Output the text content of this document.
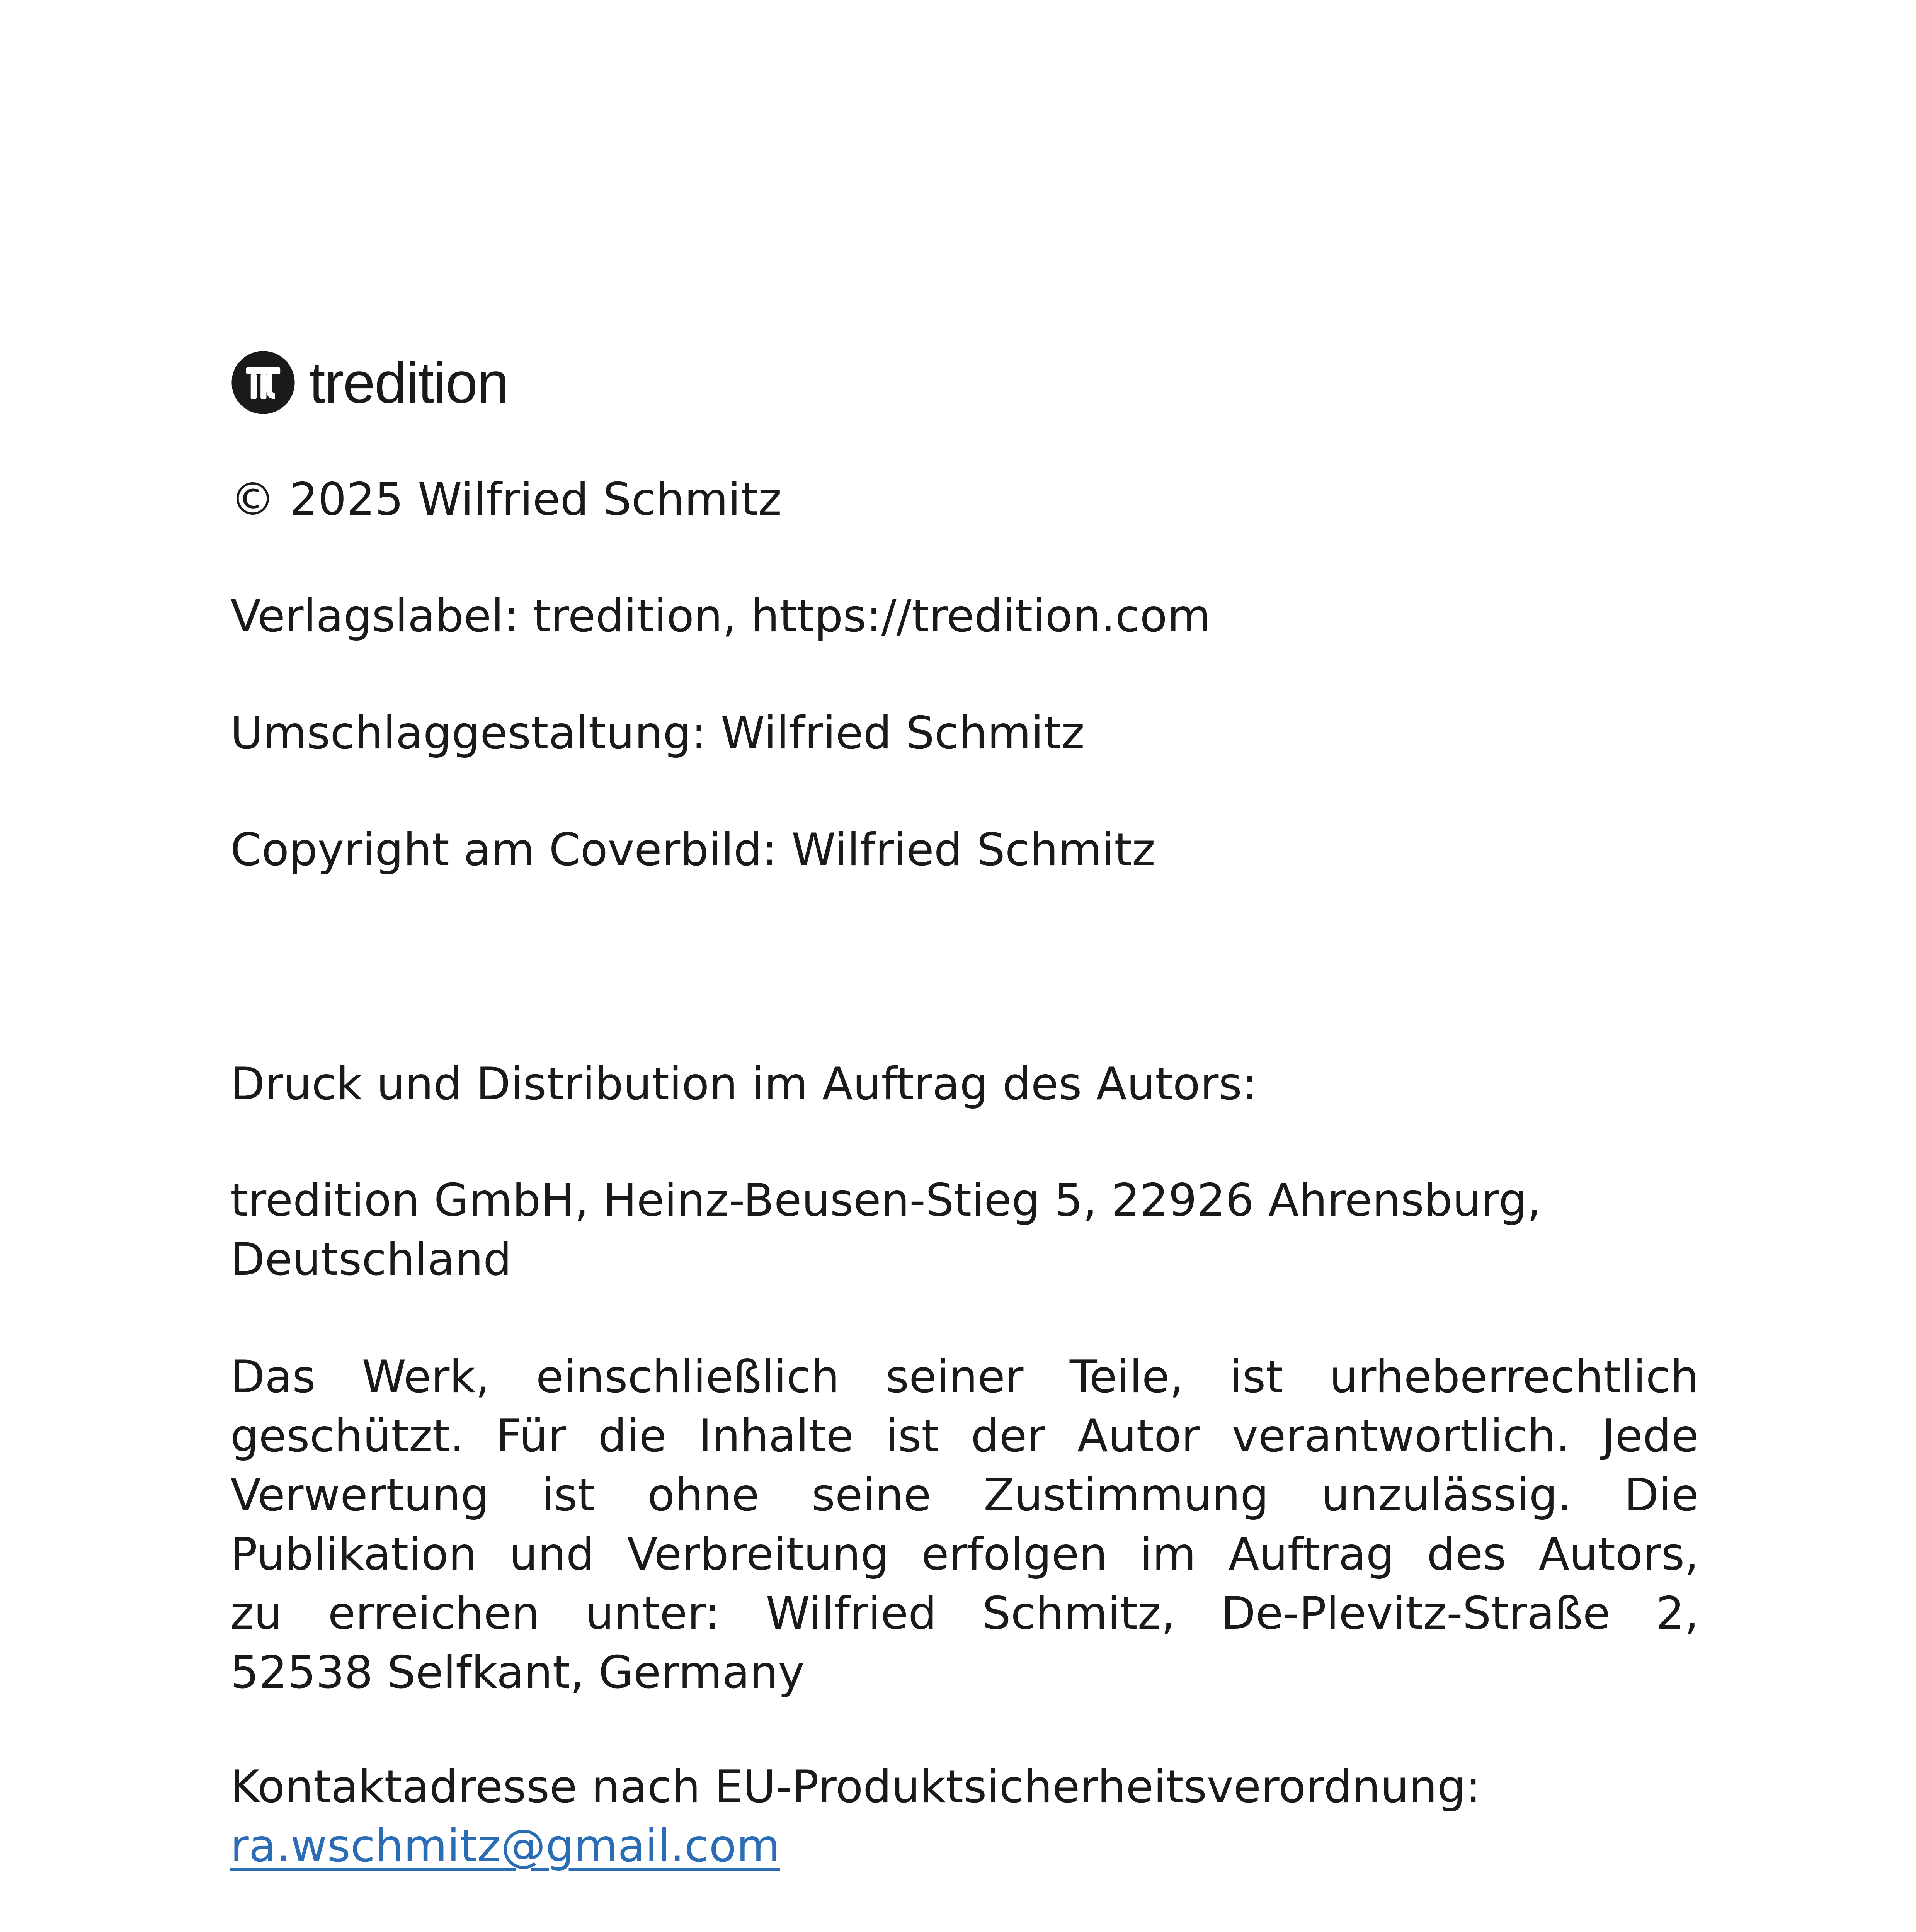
tredition

© 2025 Wilfried Schmitz

Verlagslabel: tredition, https://tredition.com

Umschlaggestaltung: Wilfried Schmitz

Copyright am Coverbild: Wilfried Schmitz

Druck und Distribution im Auftrag des Autors:

tredition GmbH, Heinz-Beusen-Stieg 5, 22926 Ahrensburg,
Deutschland
Das Werk, einschließlich seiner Teile, ist urheberrechtlich
geschützt. Für die Inhalte ist der Autor verantwortlich. Jede
Verwertung ist ohne seine Zustimmung unzulässig. Die
Publikation und Verbreitung erfolgen im Auftrag des Autors,
zu erreichen unter: Wilfried Schmitz, De-Plevitz-Straße 2,
52538 Selfkant, Germany
Kontaktadresse nach EU-Produktsicherheitsverordnung:
ra.wschmitz@gmail.com
